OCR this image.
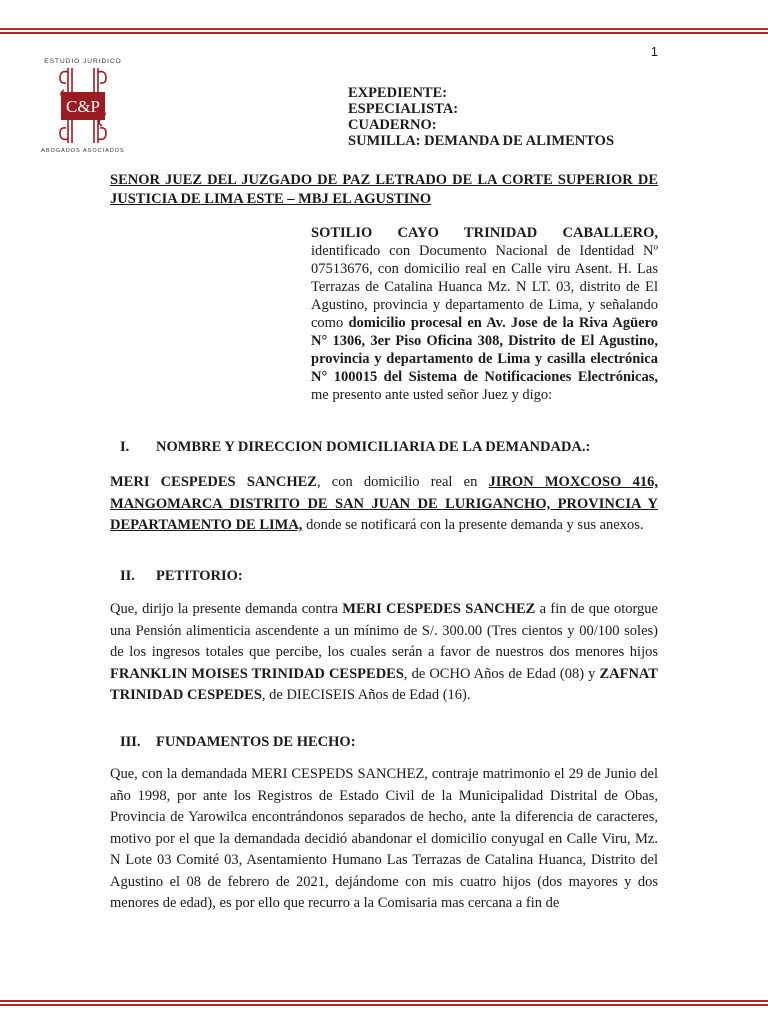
1
ESTUDIO JURIDICO
C&P
ABOGADOS ASOCIADOS
EXPEDIENTE:
ESPECIALISTA:
CUADERNO:
SUMILLA: DEMANDA DE ALIMENTOS
SENOR JUEZ DEL JUZGADO DE PAZ LETRADO DE LA CORTE SUPERIOR DE JUSTICIA DE LIMA ESTE – MBJ EL AGUSTINO
SOTILIO CAYO TRINIDAD CABALLERO, identificado con Documento Nacional de Identidad Nº 07513676, con domicilio real en Calle viru Asent. H. Las Terrazas de Catalina Huanca Mz. N LT. 03, distrito de El Agustino, provincia y departamento de Lima, y señalando como domicilio procesal en Av. Jose de la Riva Agüero N° 1306, 3er Piso Oficina 308, Distrito de El Agustino, provincia y departamento de Lima y casilla electrónica N° 100015 del Sistema de Notificaciones Electrónicas, me presento ante usted señor Juez y digo:
I. NOMBRE Y DIRECCION DOMICILIARIA DE LA DEMANDADA.:
MERI CESPEDES SANCHEZ, con domicilio real en JIRON MOXCOSO 416, MANGOMARCA DISTRITO DE SAN JUAN DE LURIGANCHO, PROVINCIA Y DEPARTAMENTO DE LIMA, donde se notificará con la presente demanda y sus anexos.
II. PETITORIO:
Que, dirijo la presente demanda contra MERI CESPEDES SANCHEZ a fin de que otorgue una Pensión alimenticia ascendente a un mínimo de S/. 300.00 (Tres cientos y 00/100 soles) de los ingresos totales que percibe, los cuales serán a favor de nuestros dos menores hijos FRANKLIN MOISES TRINIDAD CESPEDES, de OCHO Años de Edad (08) y ZAFNAT TRINIDAD CESPEDES, de DIECISEIS Años de Edad (16).
III. FUNDAMENTOS DE HECHO:
Que, con la demandada MERI CESPEDS SANCHEZ, contraje matrimonio el 29 de Junio del año 1998, por ante los Registros de Estado Civil de la Municipalidad Distrital de Obas, Provincia de Yarowilca encontrándonos separados de hecho, ante la diferencia de caracteres, motivo por el que la demandada decidió abandonar el domicilio conyugal en Calle Viru, Mz. N Lote 03 Comité 03, Asentamiento Humano Las Terrazas de Catalina Huanca, Distrito del Agustino el 08 de febrero de 2021, dejándome con mis cuatro hijos (dos mayores y dos menores de edad), es por ello que recurro a la Comisaria mas cercana a fin de
